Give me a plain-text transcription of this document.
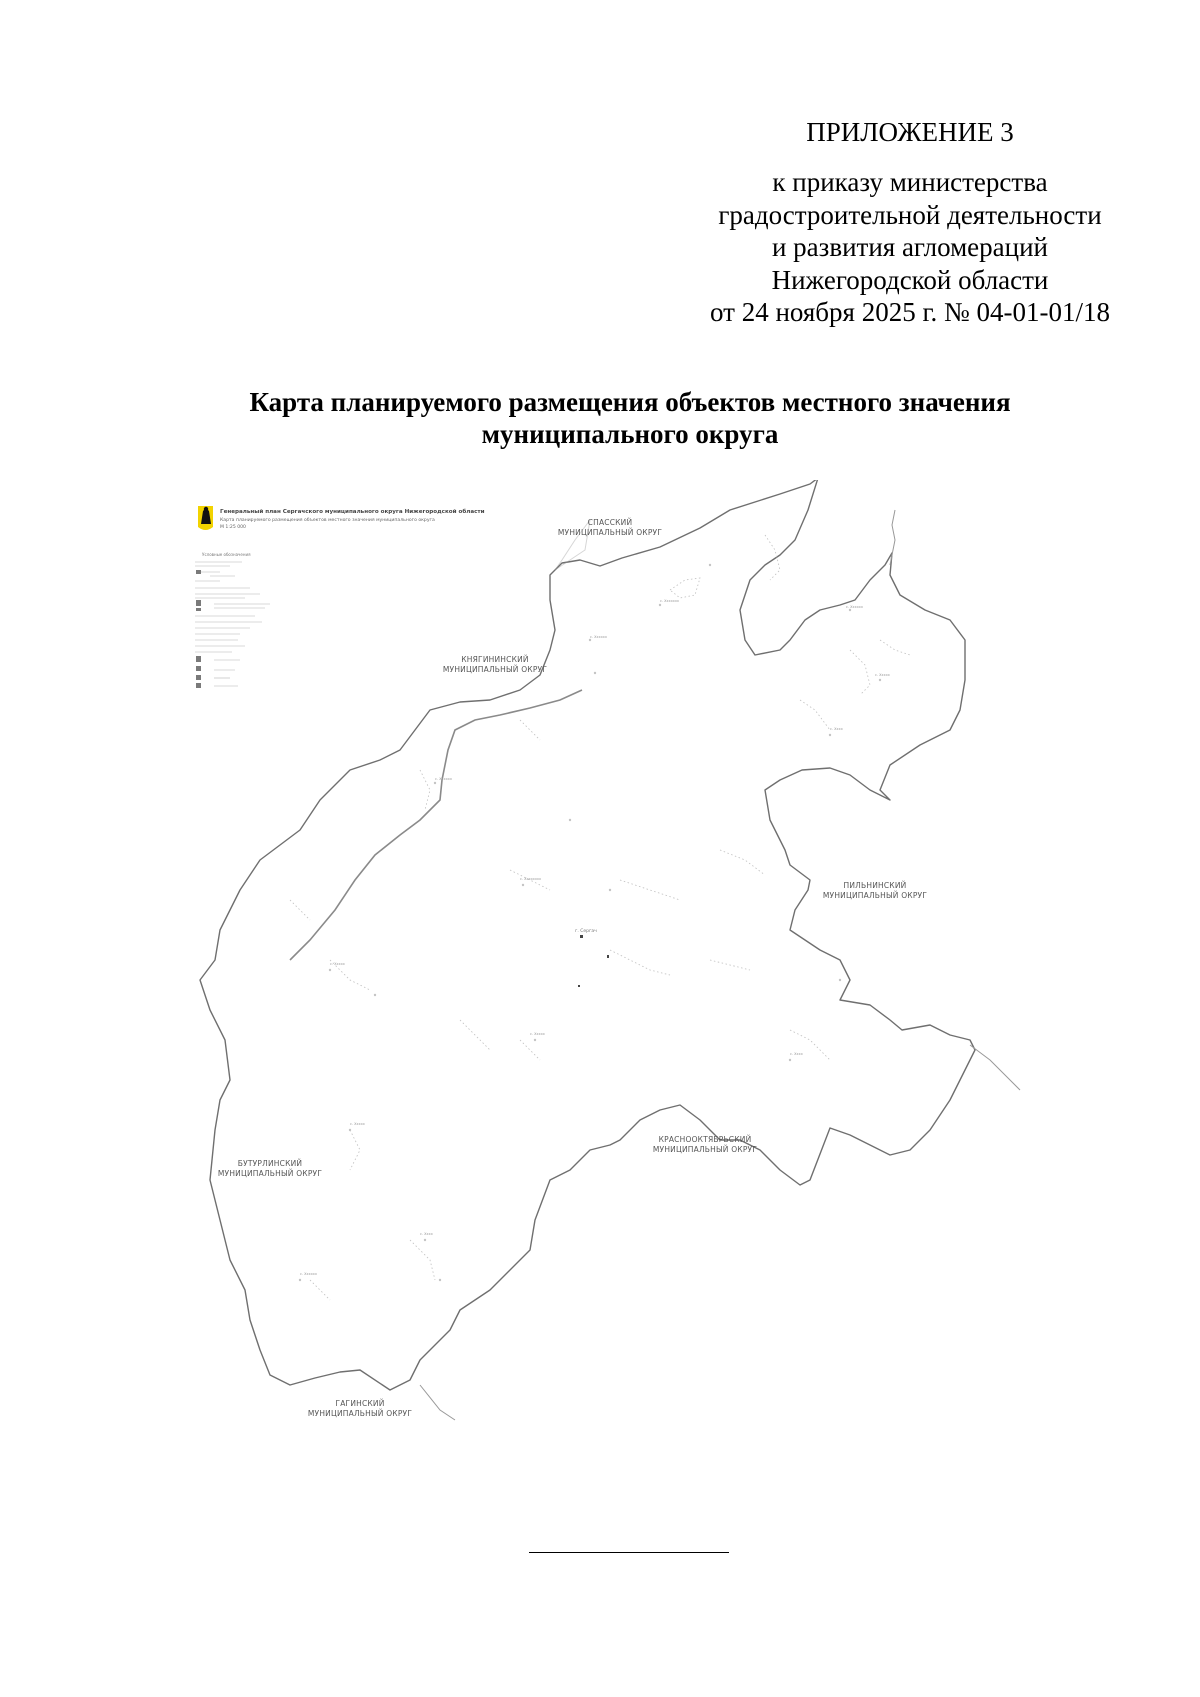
ПРИЛОЖЕНИЕ 3
к приказу министерства
градостроительной деятельности
и развития агломераций
Нижегородской области
от 24 ноября 2025 г. № 04-01-01/18
Карта планируемого размещения объектов местного значения
муниципального округа
Генеральный план Сергачского муниципального округа Нижегородской области
Карта планируемого размещения объектов местного значения муниципального округа
М 1:25 000
Условные обозначения
с. Ххххххх
с. Хххххх
с. Хххххх
с. Ххххх
с. Хххх
с. Хххххххх
с. Хххххх
с. Ххххх
с. Хххх
с. Ххххх
с. Ххххх
с. Хххх
с. Хххххх
г. Сергач
СПАССКИЙ
МУНИЦИПАЛЬНЫЙ ОКРУГ
КНЯГИНИНСКИЙ
МУНИЦИПАЛЬНЫЙ ОКРУГ
ПИЛЬНИНСКИЙ
МУНИЦИПАЛЬНЫЙ ОКРУГ
КРАСНООКТЯБРЬСКИЙ
МУНИЦИПАЛЬНЫЙ ОКРУГ
БУТУРЛИНСКИЙ
МУНИЦИПАЛЬНЫЙ ОКРУГ
ГАГИНСКИЙ
МУНИЦИПАЛЬНЫЙ ОКРУГ
